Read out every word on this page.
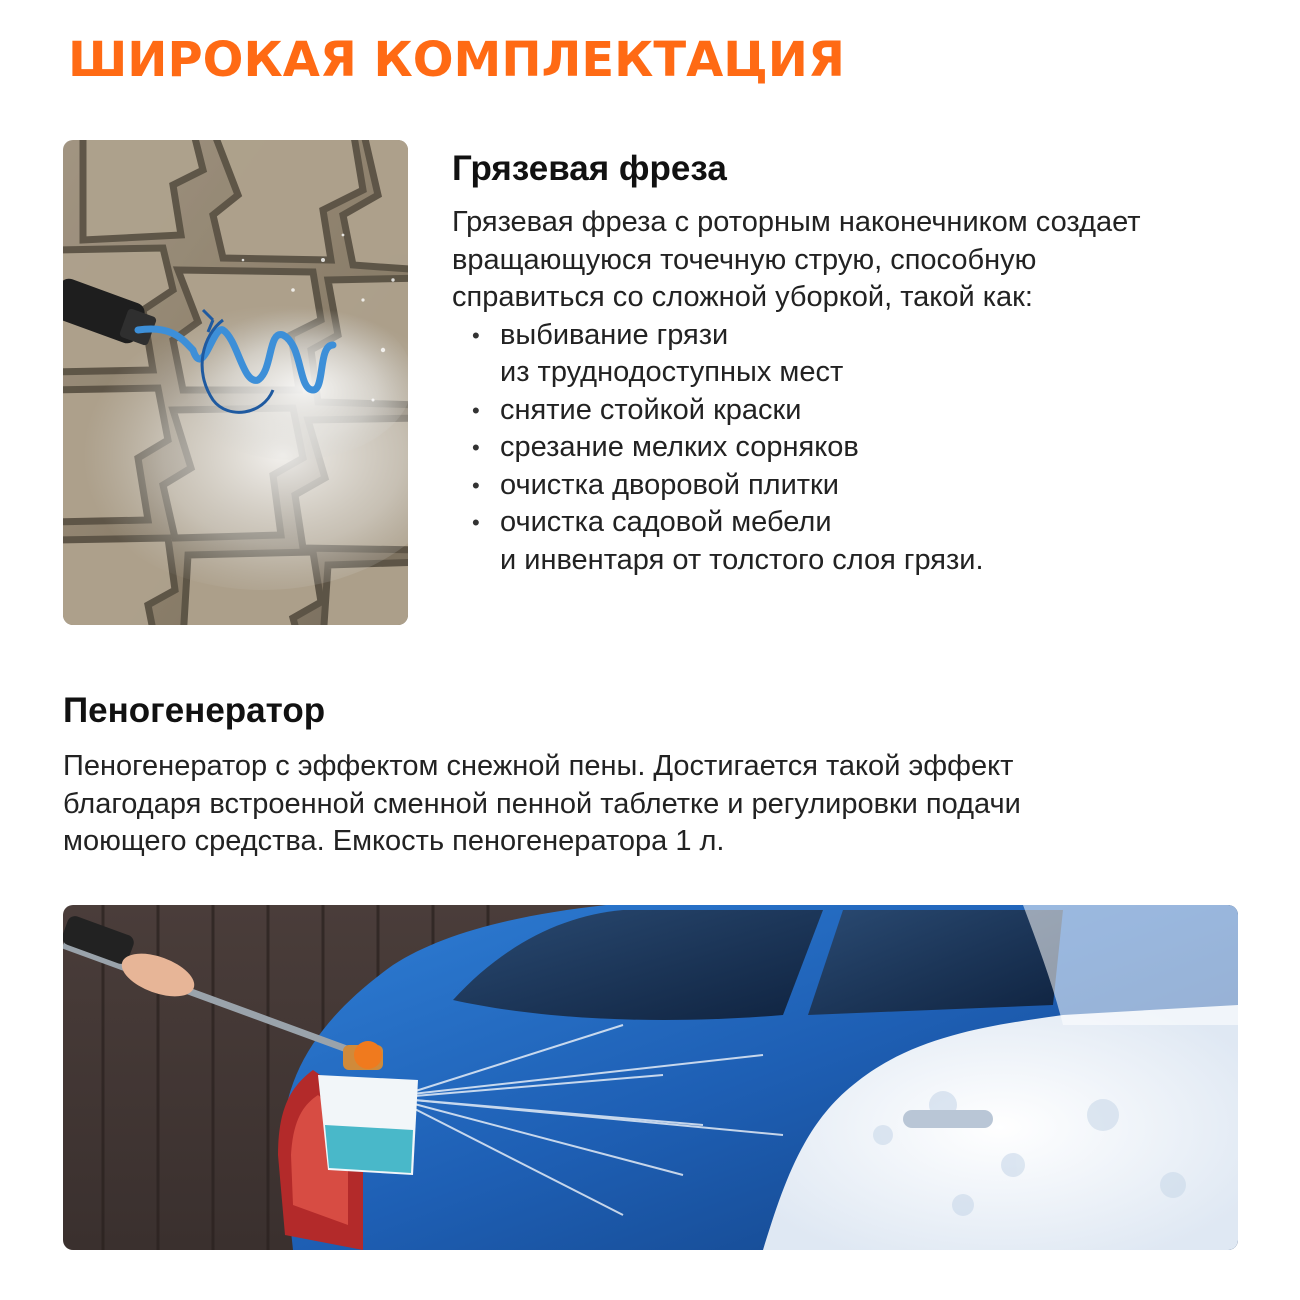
ШИРОКАЯ КОМПЛЕКТАЦИЯ
Грязевая фреза

Грязевая фреза с роторным наконечником создает
вращающуюся точечную струю, способную
справиться со сложной уборкой, такой как:

• выбивание грязи
из труднодоступных мест
• снятие стойкой краски
• срезание мелких сорняков
• очистка дворовой плитки
• очистка садовой мебели
и инвентаря от толстого слоя грязи.
Пеногенератор

Пеногенератор с эффектом снежной пены. Достигается такой эффект
благодаря встроенной сменной пенной таблетке и регулировки подачи
моющего средства. Емкость пеногенератора 1 л.
